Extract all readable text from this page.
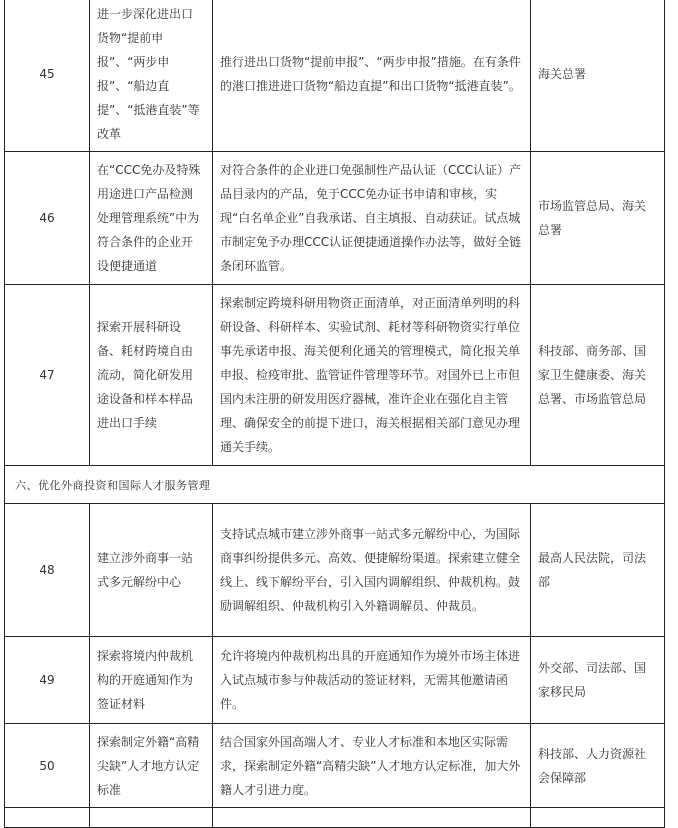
45	进一步深化进出口货物“提前申报”、“两步申报”、“船边直提”、“抵港直装”等改革	推行进出口货物“提前申报”、“两步申报”措施。在有条件的港口推进进口货物“船边直提”和出口货物“抵港直装”。	海关总署

46	在“CCC免办及特殊用途进口产品检测处理管理系统”中为符合条件的企业开设便捷通道	对符合条件的企业进口免强制性产品认证（CCC认证）产品目录内的产品，免于CCC免办证书申请和审核，实现“白名单企业”自我承诺、自主填报、自动获证。试点城市制定免予办理CCC认证便捷通道操作办法等，做好全链条闭环监管。	市场监管总局、海关总署

47	探索开展科研设备、耗材跨境自由流动，简化研发用途设备和样本样品进出口手续	探索制定跨境科研用物资正面清单，对正面清单列明的科研设备、科研样本、实验试剂、耗材等科研物资实行单位事先承诺申报、海关便利化通关的管理模式，简化报关单申报、检疫审批、监管证件管理等环节。对国外已上市但国内未注册的研发用医疗器械，准许企业在强化自主管理、确保安全的前提下进口，海关根据相关部门意见办理通关手续。	科技部、商务部、国家卫生健康委、海关总署、市场监管总局

六、优化外商投资和国际人才服务管理			

48	建立涉外商事一站式多元解纷中心	支持试点城市建立涉外商事一站式多元解纷中心，为国际商事纠纷提供多元、高效、便捷解纷渠道。探索建立健全线上、线下解纷平台，引入国内调解组织、仲裁机构。鼓励调解组织、仲裁机构引入外籍调解员、仲裁员。	最高人民法院，司法部

49	探索将境内仲裁机构的开庭通知作为签证材料	允许将境内仲裁机构出具的开庭通知作为境外市场主体进入试点城市参与仲裁活动的签证材料，无需其他邀请函件。	外交部、司法部、国家移民局

50	探索制定外籍“高精尖缺”人才地方认定标准	结合国家外国高端人才、专业人才标准和本地区实际需求，探索制定外籍“高精尖缺”人才地方认定标准，加大外籍人才引进力度。	科技部、人力资源社会保障部
